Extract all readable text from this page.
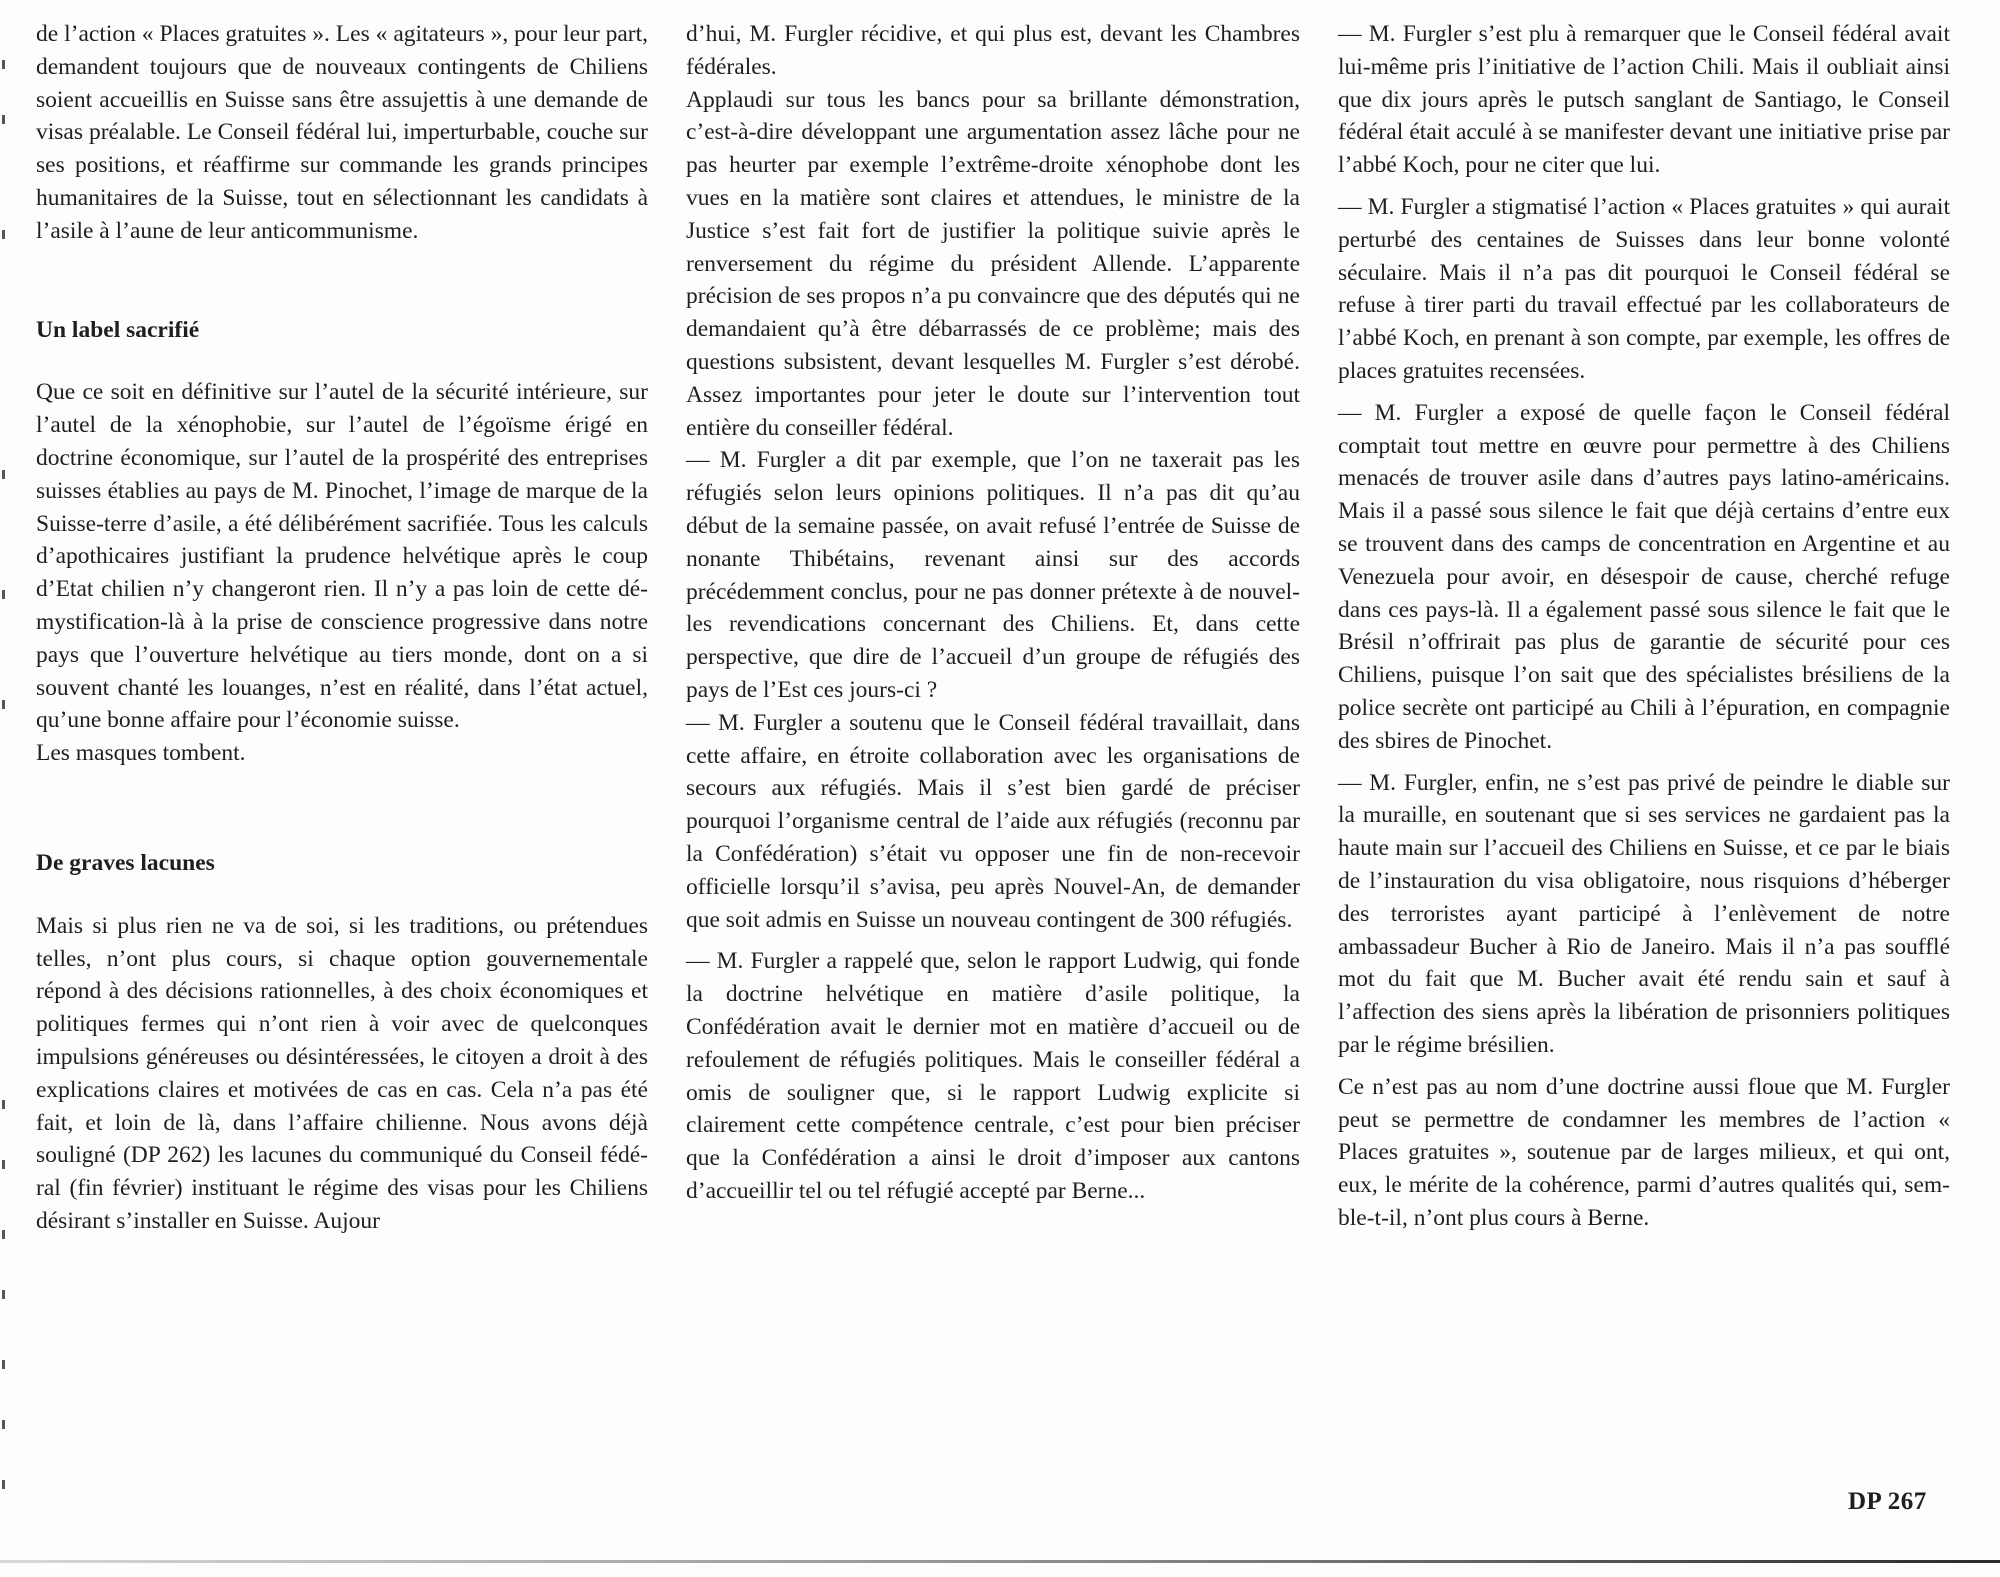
de l’action « Places gratuites ». Les « agitateurs », pour leur part, demandent toujours que de nouveaux contingents de Chiliens soient accueillis en Suisse sans être assujettis à une demande de visas préalable. Le Conseil fédéral lui, imperturbable, couche sur ses positions, et réaffirme sur commande les grands principes humanitaires de la Suisse, tout en sélectionnant les candidats à l’asile à l’aune de leur anticommunisme.

Un label sacrifié

Que ce soit en définitive sur l’autel de la sécurité intérieure, sur l’autel de la xénophobie, sur l’autel de l’égoïsme érigé en doctrine économique, sur l’autel de la prospérité des entreprises suisses établies au pays de M. Pinochet, l’image de marque de la Suisse-terre d’asile, a été délibérément sacrifiée. Tous les calculs d’apothicaires justifiant la prudence helvétique après le coup d’Etat chilien n’y changeront rien. Il n’y a pas loin de cette démystification-là à la prise de conscience progressive dans notre pays que l’ouverture helvétique au tiers monde, dont on a si souvent chanté les louanges, n’est en réalité, dans l’état actuel, qu’une bonne affaire pour l’économie suisse.

Les masques tombent.

De graves lacunes

Mais si plus rien ne va de soi, si les traditions, ou prétendues telles, n’ont plus cours, si chaque option gouvernementale répond à des décisions rationnelles, à des choix économiques et politiques fermes qui n’ont rien à voir avec de quelconques impulsions généreuses ou désintéressées, le citoyen a droit à des explications claires et motivées de cas en cas. Cela n’a pas été fait, et loin de là, dans l’affaire chilienne. Nous avons déjà souligné (DP 262) les lacunes du communiqué du Conseil fédéral (fin février) instituant le régime des visas pour les Chiliens désirant s’installer en Suisse. Aujour

d’hui, M. Furgler récidive, et qui plus est, devant les Chambres fédérales.

Applaudi sur tous les bancs pour sa brillante démonstration, c’est-à-dire développant une argumentation assez lâche pour ne pas heurter par exemple l’extrême-droite xénophobe dont les vues en la matière sont claires et attendues, le ministre de la Justice s’est fait fort de justifier la politique suivie après le renversement du régime du président Allende. L’apparente précision de ses propos n’a pu convaincre que des députés qui ne demandaient qu’à être débarrassés de ce problème; mais des questions subsistent, devant lesquelles M. Furgler s’est dérobé. Assez importantes pour jeter le doute sur l’intervention tout entière du conseiller fédéral.

— M. Furgler a dit par exemple, que l’on ne taxerait pas les réfugiés selon leurs opinions politiques. Il n’a pas dit qu’au début de la semaine passée, on avait refusé l’entrée de Suisse de nonante Thibétains, revenant ainsi sur des accords précédemment conclus, pour ne pas donner prétexte à de nouvelles revendications concernant des Chiliens. Et, dans cette perspective, que dire de l’accueil d’un groupe de réfugiés des pays de l’Est ces jours-ci ?

— M. Furgler a soutenu que le Conseil fédéral travaillait, dans cette affaire, en étroite collaboration avec les organisations de secours aux réfugiés. Mais il s’est bien gardé de préciser pourquoi l’organisme central de l’aide aux réfugiés (reconnu par la Confédération) s’était vu opposer une fin de non-recevoir officielle lorsqu’il s’avisa, peu après Nouvel-An, de demander que soit admis en Suisse un nouveau contingent de 300 réfugiés.

— M. Furgler a rappelé que, selon le rapport Ludwig, qui fonde la doctrine helvétique en matière d’asile politique, la Confédération avait le dernier mot en matière d’accueil ou de refoulement de réfugiés politiques. Mais le conseiller fédéral a omis de souligner que, si le rapport Ludwig explicite si clairement cette compétence centrale, c’est pour bien préciser que la Confédération a ainsi le droit d’imposer aux cantons d’accueillir tel ou tel réfugié accepté par Berne...

— M. Furgler s’est plu à remarquer que le Conseil fédéral avait lui-même pris l’initiative de l’action Chili. Mais il oubliait ainsi que dix jours après le putsch sanglant de Santiago, le Conseil fédéral était acculé à se manifester devant une initiative prise par l’abbé Koch, pour ne citer que lui.

— M. Furgler a stigmatisé l’action « Places gratuites » qui aurait perturbé des centaines de Suisses dans leur bonne volonté séculaire. Mais il n’a pas dit pourquoi le Conseil fédéral se refuse à tirer parti du travail effectué par les collaborateurs de l’abbé Koch, en prenant à son compte, par exemple, les offres de places gratuites recensées.

— M. Furgler a exposé de quelle façon le Conseil fédéral comptait tout mettre en œuvre pour permettre à des Chiliens menacés de trouver asile dans d’autres pays latino-américains. Mais il a passé sous silence le fait que déjà certains d’entre eux se trouvent dans des camps de concentration en Argentine et au Venezuela pour avoir, en désespoir de cause, cherché refuge dans ces pays-là. Il a également passé sous silence le fait que le Brésil n’offrirait pas plus de garantie de sécurité pour ces Chiliens, puisque l’on sait que des spécialistes brésiliens de la police secrète ont participé au Chili à l’épuration, en compagnie des sbires de Pinochet.

— M. Furgler, enfin, ne s’est pas privé de peindre le diable sur la muraille, en soutenant que si ses services ne gardaient pas la haute main sur l’accueil des Chiliens en Suisse, et ce par le biais de l’instauration du visa obligatoire, nous risquions d’héberger des terroristes ayant participé à l’enlèvement de notre ambassadeur Bucher à Rio de Janeiro. Mais il n’a pas soufflé mot du fait que M. Bucher avait été rendu sain et sauf à l’affection des siens après la libération de prisonniers politiques par le régime brésilien.

Ce n’est pas au nom d’une doctrine aussi floue que M. Furgler peut se permettre de condamner les membres de l’action « Places gratuites », soutenue par de larges milieux, et qui ont, eux, le mérite de la cohérence, parmi d’autres qualités qui, semble-t-il, n’ont plus cours à Berne.

DP 267
